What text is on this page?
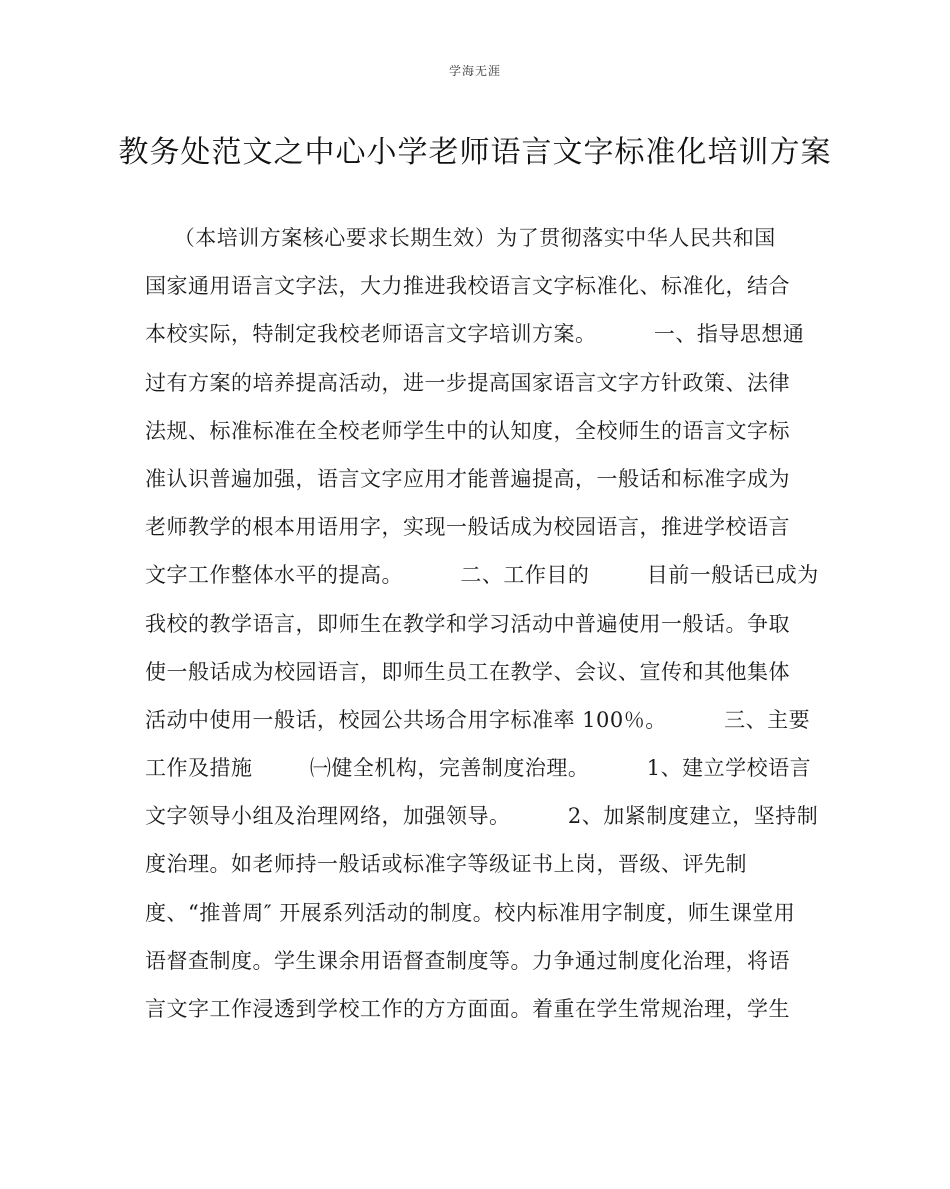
学海无涯
教务处范文之中心小学老师语言文字标准化培训方案
（本培训方案核心要求长期生效）为了贯彻落实中华人民共和国
国家通用语言文字法，大力推进我校语言文字标准化、标准化，结合
本校实际，特制定我校老师语言文字培训方案。        一、指导思想通
过有方案的培养提高活动，进一步提高国家语言文字方针政策、法律
法规、标准标准在全校老师学生中的认知度，全校师生的语言文字标
准认识普遍加强，语言文字应用才能普遍提高，一般话和标准字成为
老师教学的根本用语用字，实现一般话成为校园语言，推进学校语言
文字工作整体水平的提高。        二、工作目的        目前一般话已成为
我校的教学语言，即师生在教学和学习活动中普遍使用一般话。争取
使一般话成为校园语言，即师生员工在教学、会议、宣传和其他集体
活动中使用一般话，校园公共场合用字标准率 100％。        三、主要
工作及措施        ㈠健全机构，完善制度治理。        1、建立学校语言
文字领导小组及治理网络，加强领导。        2、加紧制度建立，坚持制
度治理。如老师持一般话或标准字等级证书上岗，晋级、评先制
度、“推普周″ 开展系列活动的制度。校内标准用字制度，师生课堂用
语督查制度。学生课余用语督查制度等。力争通过制度化治理，将语
言文字工作浸透到学校工作的方方面面。着重在学生常规治理，学生
